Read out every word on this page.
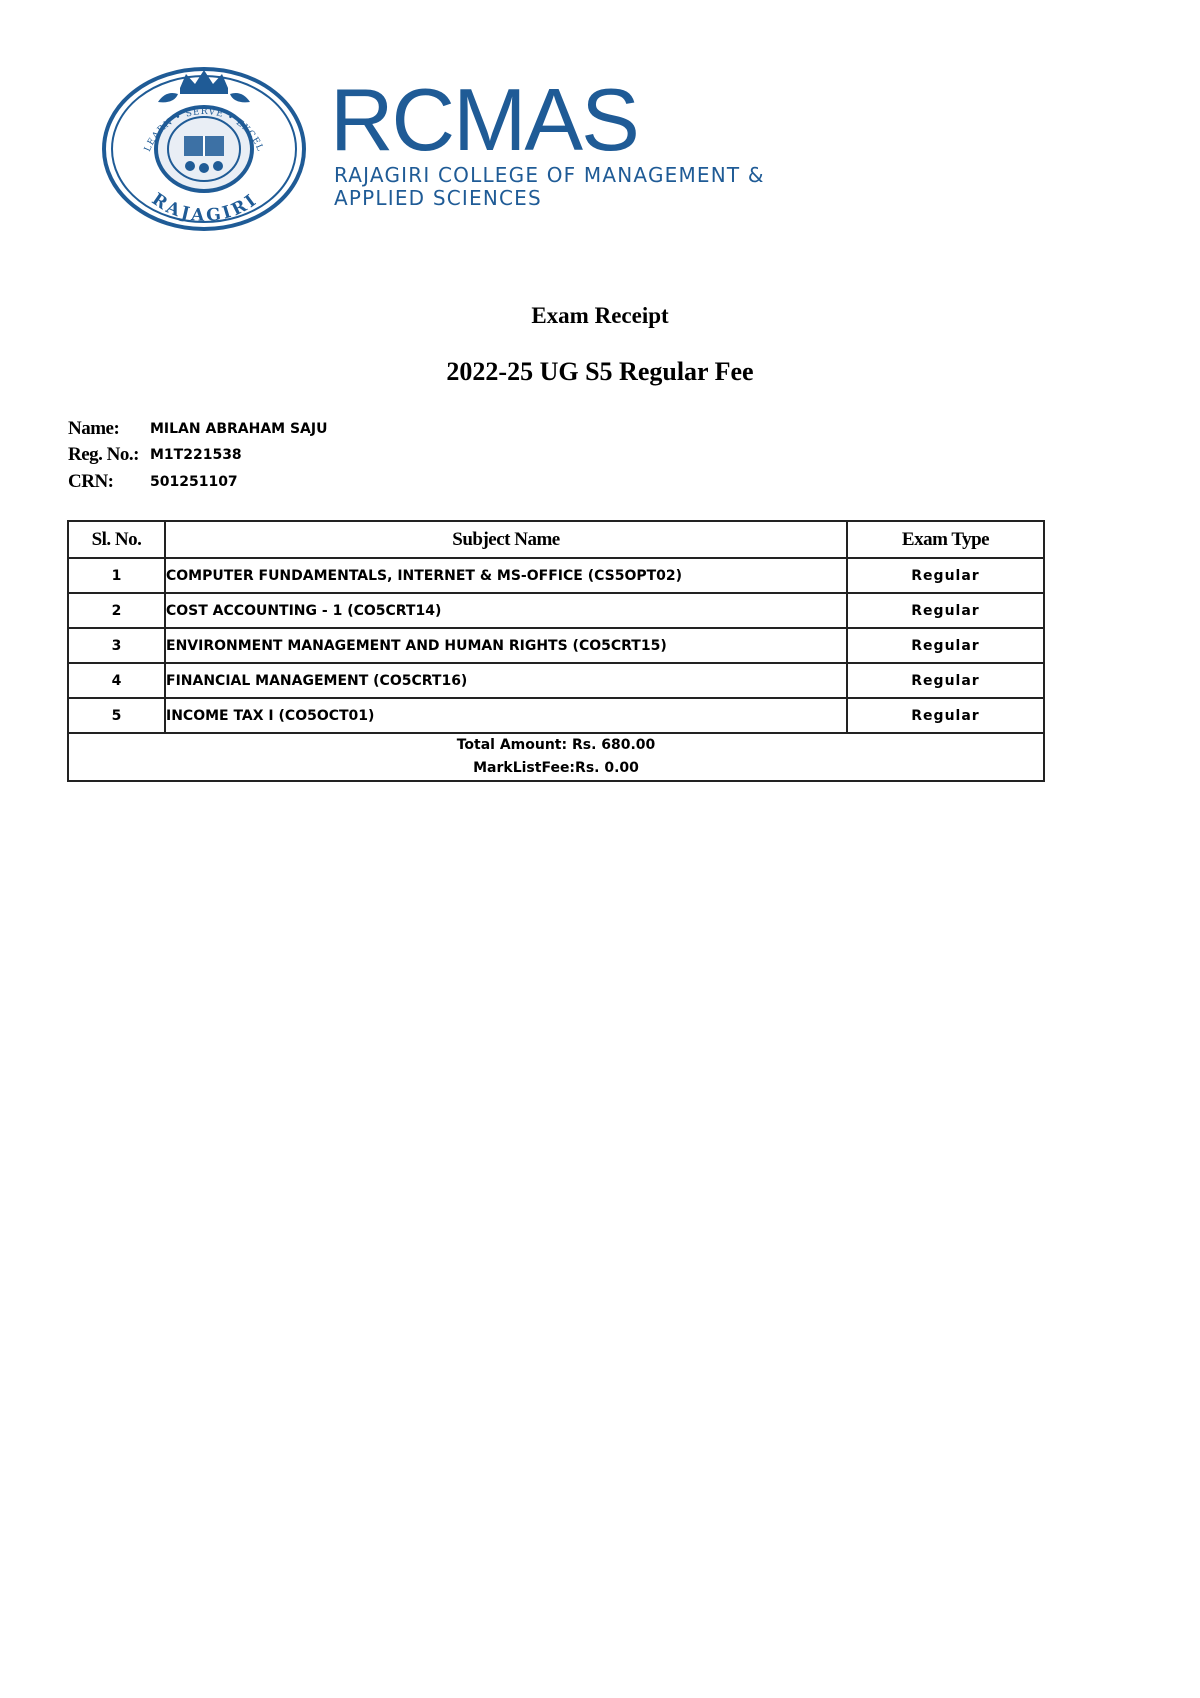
LEARN • SERVE • EXCEL
RAJAGIRI
RCMAS
RAJAGIRI COLLEGE OF MANAGEMENT &
APPLIED SCIENCES
Exam Receipt
2022-25 UG S5 Regular Fee
Name: MILAN ABRAHAM SAJU
Reg. No.: M1T221538
CRN:	501251107
Sl. No.	Subject Name	Exam Type
1	COMPUTER FUNDAMENTALS, INTERNET & MS-OFFICE (CS5OPT02)	Regular
2	COST ACCOUNTING - 1 (CO5CRT14)	Regular
3	ENVIRONMENT MANAGEMENT AND HUMAN RIGHTS (CO5CRT15)	Regular
4	FINANCIAL MANAGEMENT (CO5CRT16)	Regular
5	INCOME TAX I (CO5OCT01)	Regular

Total Amount: Rs. 680.00
MarkListFee:Rs. 0.00		
